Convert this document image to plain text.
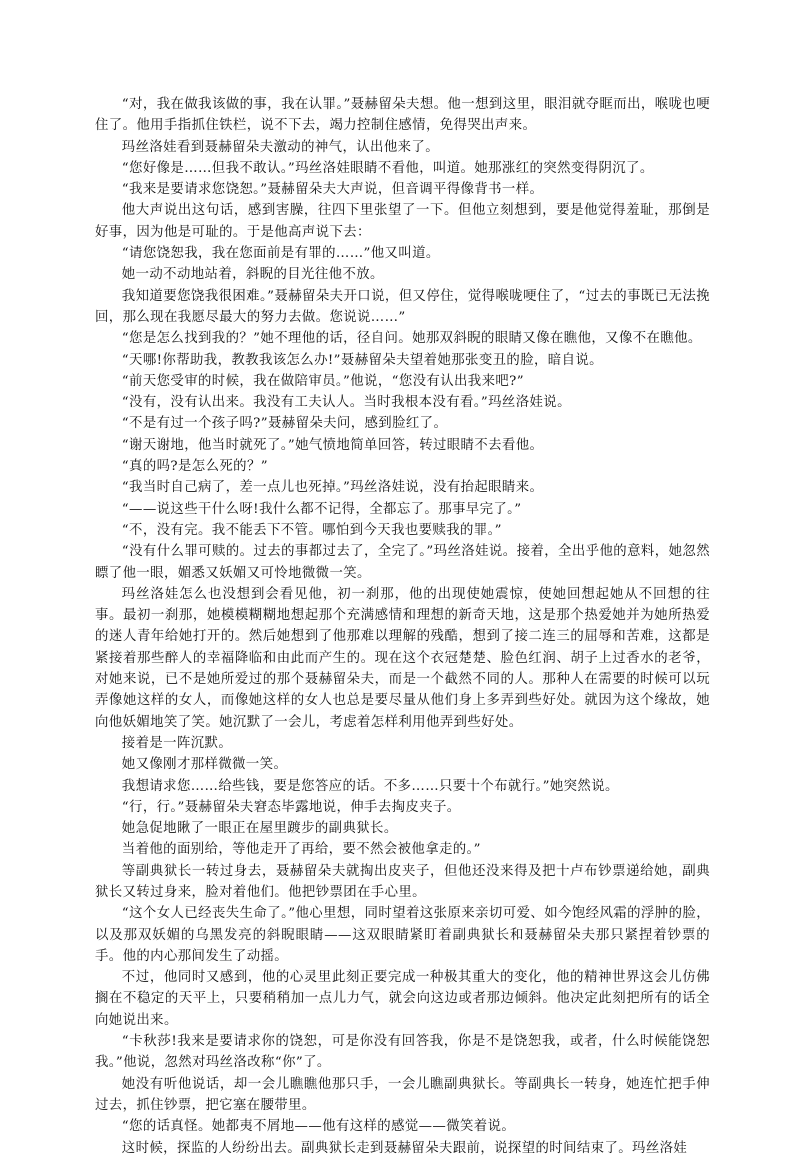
“对，我在做我该做的事，我在认罪。”聂赫留朵夫想。他一想到这里，眼泪就夺眶而出，喉咙也哽住了。他用手指抓住铁栏，说不下去，竭力控制住感情，免得哭出声来。

玛丝洛娃看到聂赫留朵夫激动的神气，认出他来了。

“您好像是……但我不敢认。”玛丝洛娃眼睛不看他，叫道。她那涨红的突然变得阴沉了。

“我来是要请求您饶恕。”聂赫留朵夫大声说，但音调平得像背书一样。

他大声说出这句话，感到害臊，往四下里张望了一下。但他立刻想到，要是他觉得羞耻，那倒是好事，因为他是可耻的。于是他高声说下去：

“请您饶恕我，我在您面前是有罪的……”他又叫道。

她一动不动地站着，斜睨的目光往他不放。

我知道要您饶我很困难。”聂赫留朵夫开口说，但又停住，觉得喉咙哽住了，“过去的事既已无法挽回，那么现在我愿尽最大的努力去做。您说说……”

“您是怎么找到我的？”她不理他的话，径自问。她那双斜睨的眼睛又像在瞧他，又像不在瞧他。

“天哪!你帮助我，教教我该怎么办!”聂赫留朵夫望着她那张变丑的脸，暗自说。

“前天您受审的时候，我在做陪审员。”他说，“您没有认出我来吧?”

“没有，没有认出来。我没有工夫认人。当时我根本没有看。”玛丝洛娃说。

“不是有过一个孩子吗?”聂赫留朵夫问，感到脸红了。

“谢天谢地，他当时就死了。”她气愤地简单回答，转过眼睛不去看他。

“真的吗?是怎么死的？”

“我当时自己病了，差一点儿也死掉。”玛丝洛娃说，没有抬起眼睛来。

“——说这些干什么呀!我什么都不记得，全都忘了。那事早完了。”

“不，没有完。我不能丢下不管。哪怕到今天我也要赎我的罪。”

“没有什么罪可赎的。过去的事都过去了，全完了。”玛丝洛娃说。接着，全出乎他的意料，她忽然瞟了他一眼，媚悉又妖媚又可怜地微微一笑。

玛丝洛娃怎么也没想到会看见他，初一刹那，他的出现使她震惊，使她回想起她从不回想的往事。最初一刹那，她模模糊糊地想起那个充满感情和理想的新奇天地，这是那个热爱她并为她所热爱的迷人青年给她打开的。然后她想到了他那难以理解的残酷，想到了接二连三的屈辱和苦难，这都是紧接着那些醉人的幸福降临和由此而产生的。现在这个衣冠楚楚、脸色红润、胡子上过香水的老爷，对她来说，已不是她所爱过的那个聂赫留朵夫，而是一个截然不同的人。那种人在需要的时候可以玩弄像她这样的女人，而像她这样的女人也总是要尽量从他们身上多弄到些好处。就因为这个缘故，她向他妖媚地笑了笑。她沉默了一会儿，考虑着怎样利用他弄到些好处。

接着是一阵沉默。

她又像刚才那样微微一笑。

我想请求您……给些钱，要是您答应的话。不多……只要十个布就行。”她突然说。

“行，行。”聂赫留朵夫窘态毕露地说，伸手去掏皮夹子。

她急促地瞅了一眼正在屋里踱步的副典狱长。

当着他的面别给，等他走开了再给，要不然会被他拿走的。”

等副典狱长一转过身去，聂赫留朵夫就掏出皮夹子，但他还没来得及把十卢布钞票递给她，副典狱长又转过身来，脸对着他们。他把钞票团在手心里。

“这个女人已经丧失生命了。”他心里想，同时望着这张原来亲切可爱、如今饱经风霜的浮肿的脸，以及那双妖媚的乌黑发亮的斜睨眼睛——这双眼睛紧盯着副典狱长和聂赫留朵夫那只紧捏着钞票的手。他的内心那间发生了动摇。

不过，他同时又感到，他的心灵里此刻正要完成一种极其重大的变化，他的精神世界这会儿仿佛搁在不稳定的天平上，只要稍稍加一点儿力气，就会向这边或者那边倾斜。他决定此刻把所有的话全向她说出来。

“卡秋莎!我来是要请求你的饶恕，可是你没有回答我，你是不是饶恕我，或者，什么时候能饶恕我。”他说，忽然对玛丝洛改称“你”了。

她没有听他说话，却一会儿瞧瞧他那只手，一会儿瞧副典狱长。等副典长一转身，她连忙把手伸过去，抓住钞票，把它塞在腰带里。

“您的话真怪。她都夷不屑地——他有这样的感觉——微笑着说。

这时候，探监的人纷纷出去。副典狱长走到聂赫留朵夫跟前，说探望的时间结束了。玛丝洛娃
